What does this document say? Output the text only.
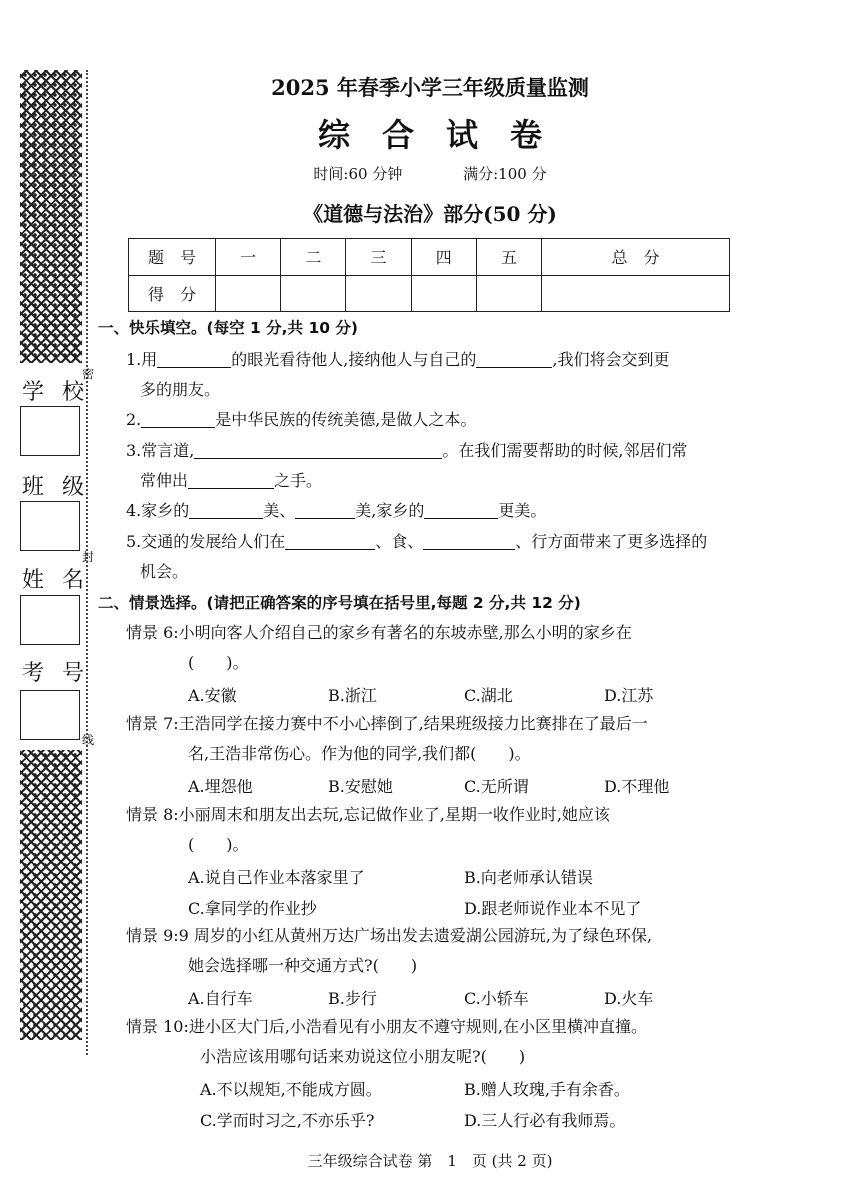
密
封
线
学校
班级
姓名
考号
2025 年春季小学三年级质量监测
综合试卷
时间:60 分钟	满分:100 分
《道德与法治》部分(50 分)
题　号	一	二	三	四	五	总　分
得　分						
一、快乐填空。(每空 1 分,共 10 分)
1.用	的眼光看待他人,接纳他人与自己的	,我们将会交到更
多的朋友。
2.	是中华民族的传统美德,是做人之本。
3.常言道,	。在我们需要帮助的时候,邻居们常
常伸出	之手。
4.家乡的	美、	美,家乡的	更美。
5.交通的发展给人们在	、食、	、行方面带来了更多选择的
机会。
二、情景选择。(请把正确答案的序号填在括号里,每题 2 分,共 12 分)
情景 6:小明向客人介绍自己的家乡有著名的东坡赤壁,那么小明的家乡在
(　　)。
A.安徽	B.浙江	C.湖北	D.江苏
情景 7:王浩同学在接力赛中不小心摔倒了,结果班级接力比赛排在了最后一
名,王浩非常伤心。作为他的同学,我们都(　　)。
A.埋怨他	B.安慰她	C.无所谓	D.不理他
情景 8:小丽周末和朋友出去玩,忘记做作业了,星期一收作业时,她应该
(　　)。
A.说自己作业本落家里了	B.向老师承认错误
C.拿同学的作业抄	D.跟老师说作业本不见了
情景 9:9 周岁的小红从黄州万达广场出发去遗爱湖公园游玩,为了绿色环保,
她会选择哪一种交通方式?(　　)
A.自行车	B.步行	C.小轿车	D.火车
情景 10:进小区大门后,小浩看见有小朋友不遵守规则,在小区里横冲直撞。
小浩应该用哪句话来劝说这位小朋友呢?(　　)
A.不以规矩,不能成方圆。	B.赠人玫瑰,手有余香。
C.学而时习之,不亦乐乎?	D.三人行必有我师焉。
三年级综合试卷 第　1　页 (共 2 页)
